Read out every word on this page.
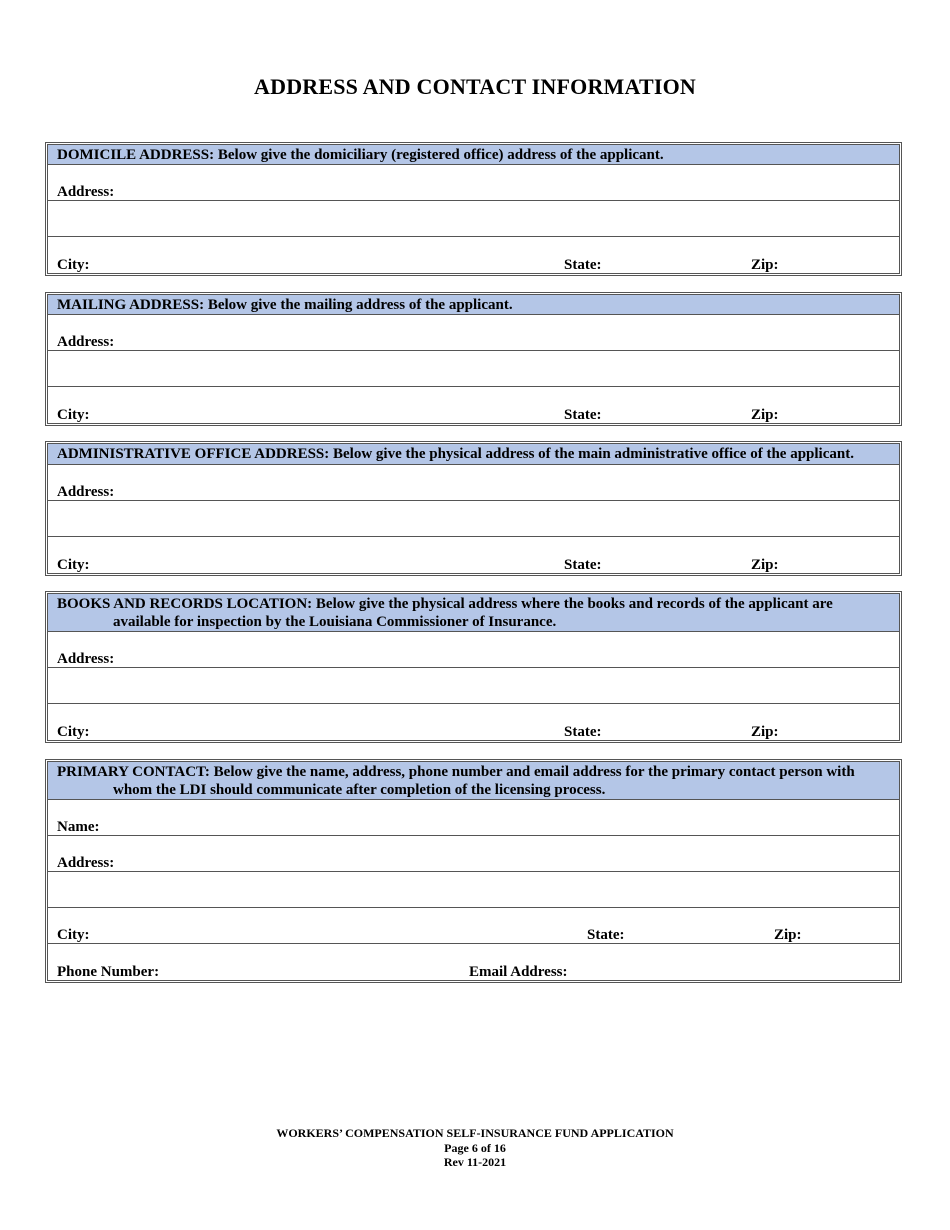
ADDRESS AND CONTACT INFORMATION
DOMICILE ADDRESS: Below give the domiciliary (registered office) address of the applicant.
Address:
City:	State:	Zip:
MAILING ADDRESS: Below give the mailing address of the applicant.
Address:
City:	State:	Zip:
ADMINISTRATIVE OFFICE ADDRESS: Below give the physical address of the main administrative office of the applicant.
Address:
City:	State:	Zip:
BOOKS AND RECORDS LOCATION: Below give the physical address where the books and records of the applicant are
available for inspection by the Louisiana Commissioner of Insurance.
Address:
City:	State:	Zip:
PRIMARY CONTACT: Below give the name, address, phone number and email address for the primary contact person with
whom the LDI should communicate after completion of the licensing process.
Name:
Address:
City:	State:	Zip:
Phone Number:	Email Address:
WORKERS’ COMPENSATION SELF-INSURANCE FUND APPLICATION
Page 6 of 16
Rev 11-2021
